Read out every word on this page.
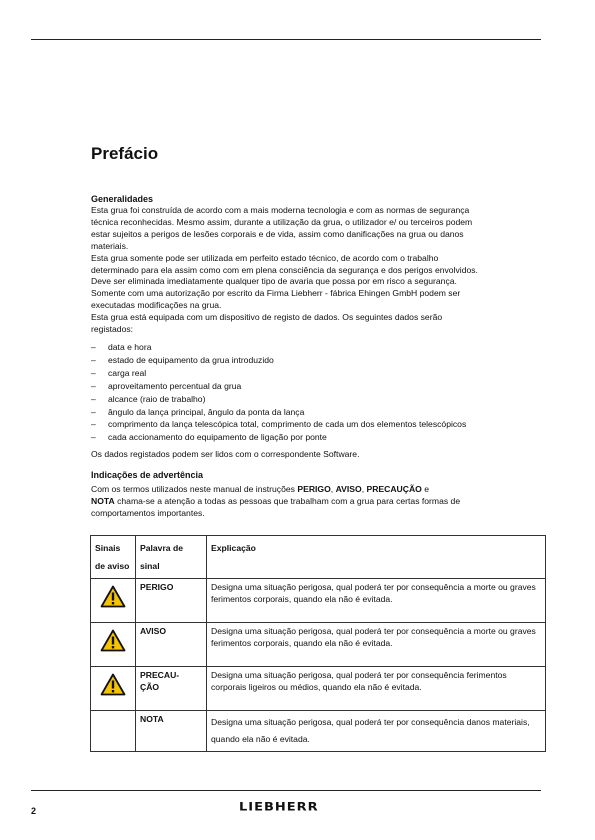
Prefácio
Generalidades

Esta grua foi construída de acordo com a mais moderna tecnologia e com as normas de segurança

técnica reconhecidas. Mesmo assim, durante a utilização da grua, o utilizador e/ ou terceiros podem

estar sujeitos a perigos de lesões corporais e de vida, assim como danificações na grua ou danos

materiais.

Esta grua somente pode ser utilizada em perfeito estado técnico, de acordo com o trabalho

determinado para ela assim como com em plena consciência da segurança e dos perigos envolvidos.

Deve ser eliminada imediatamente qualquer tipo de avaria que possa por em risco a segurança.

Somente com uma autorização por escrito da Firma Liebherr - fábrica Ehingen GmbH podem ser

executadas modificações na grua.

Esta grua está equipada com um dispositivo de registo de dados. Os seguintes dados serão

registados:

– data e hora
– estado de equipamento da grua introduzido
– carga real
– aproveitamento percentual da grua
– alcance (raio de trabalho)
– ângulo da lança principal, ângulo da ponta da lança
– comprimento da lança telescópica total, comprimento de cada um dos elementos telescópicos
– cada accionamento do equipamento de ligação por ponte

Os dados registados podem ser lidos com o correspondente Software.

Indicações de advertência

Com os termos utilizados neste manual de instruções PERIGO, AVISO, PRECAUÇÃO e
NOTA chama-se a atenção a todas as pessoas que trabalham com a grua para certas formas de
comportamentos importantes.

Sinais de aviso	Palavra de sinal	Explicação

	PERIGO	Designa uma situação perigosa, qual poderá ter por consequência a morte ou graves ferimentos corporais, quando ela não é evitada.

	AVISO	Designa uma situação perigosa, qual poderá ter por consequência a morte ou graves ferimentos corporais, quando ela não é evitada.

	PRECAU-
ÇÃO	Designa uma situação perigosa, qual poderá ter por consequência ferimentos corporais ligeiros ou médios, quando ela não é evitada.
	NOTA	Designa uma situação perigosa, qual poderá ter por consequência danos materiais, quando ela não é evitada.
2	LIEBHERR
